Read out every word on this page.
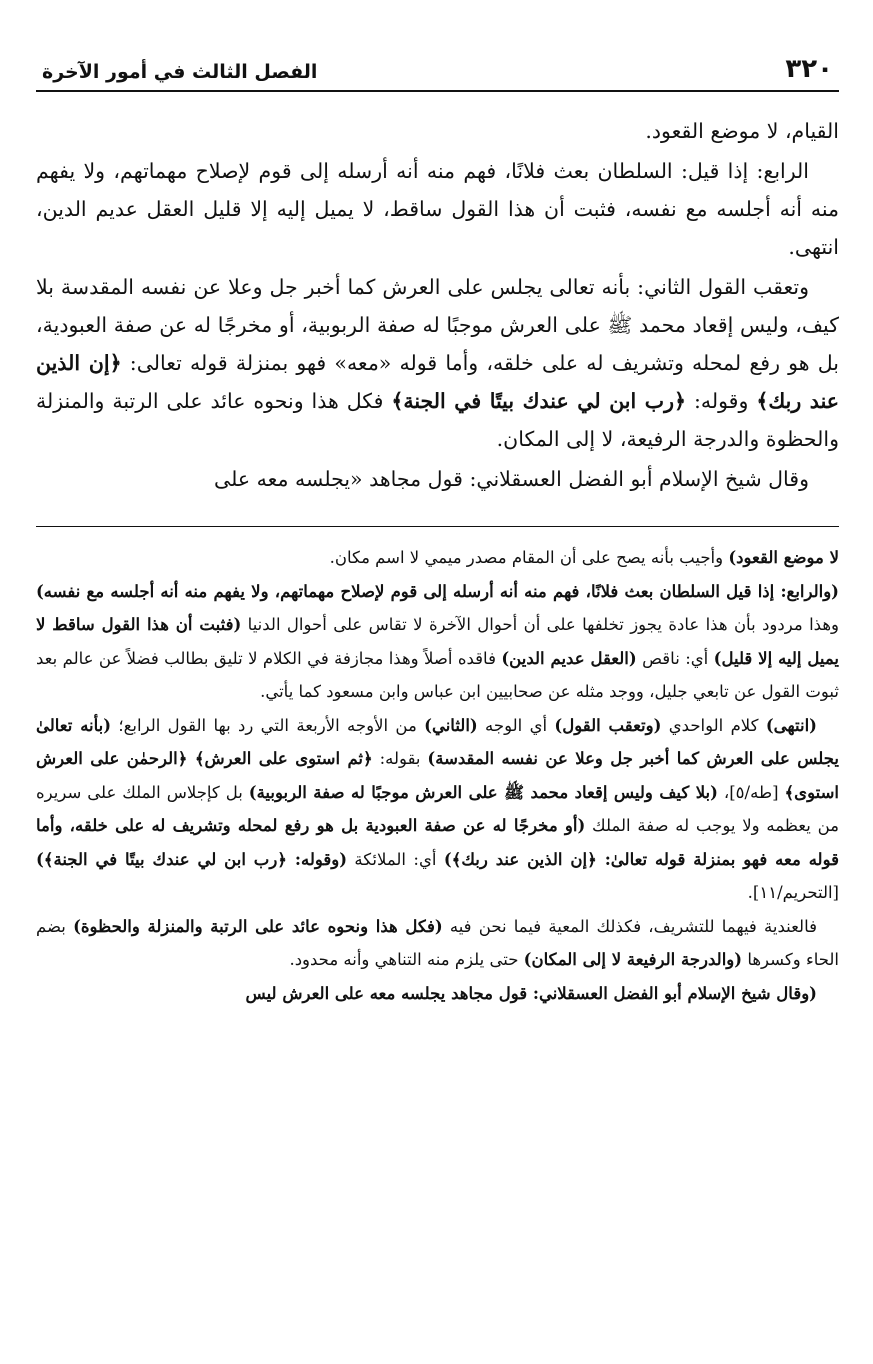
٣٢٠
الفصل الثالث في أمور الآخرة

القيام، لا موضع القعود.

الرابع: إذا قيل: السلطان بعث فلانًا، فهم منه أنه أرسله إلى قوم لإصلاح مهماتهم، ولا يفهم منه أنه أجلسه مع نفسه، فثبت أن هذا القول ساقط، لا يميل إليه إلا قليل العقل عديم الدين، انتهى.

وتعقب القول الثاني: بأنه تعالى يجلس على العرش كما أخبر جل وعلا عن نفسه المقدسة بلا كيف، وليس إقعاد محمد ﷺ على العرش موجبًا له صفة الربوبية، أو مخرجًا له عن صفة العبودية، بل هو رفع لمحله وتشريف له على خلقه، وأما قوله «معه» فهو بمنزلة قوله تعالى: ﴿إن الذين عند ربك﴾ وقوله: ﴿رب ابن لي عندك بيتًا في الجنة﴾ فكل هذا ونحوه عائد على الرتبة والمنزلة والحظوة والدرجة الرفيعة، لا إلى المكان.

وقال شيخ الإسلام أبو الفضل العسقلاني: قول مجاهد «يجلسه معه على

لا موضع القعود) وأجيب بأنه يصح على أن المقام مصدر ميمي لا اسم مكان.

(والرابع: إذا قيل السلطان بعث فلانًا، فهم منه أنه أرسله إلى قوم لإصلاح مهماتهم، ولا يفهم منه أنه أجلسه مع نفسه) وهذا مردود بأن هذا عادة يجوز تخلفها على أن أحوال الآخرة لا تقاس على أحوال الدنيا (فثبت أن هذا القول ساقط لا يميل إليه إلا قليل) أي: ناقص (العقل عديم الدين) فاقده أصلاً وهذا مجازفة في الكلام لا تليق بطالب فضلاً عن عالم بعد ثبوت القول عن تابعي جليل، ووجد مثله عن صحابيين ابن عباس وابن مسعود كما يأتي.

(انتهى) كلام الواحدي (وتعقب القول) أي الوجه (الثاني) من الأوجه الأربعة التي رد بها القول الرابع؛ (بأنه تعالىٰ يجلس على العرش كما أخبر جل وعلا عن نفسه المقدسة) بقوله: ﴿ثم استوى على العرش﴾ ﴿الرحمٰن على العرش استوى﴾ [طه/٥]، (بلا كيف وليس إقعاد محمد ﷺ على العرش موجبًا له صفة الربوبية) بل كإجلاس الملك على سريره من يعظمه ولا يوجب له صفة الملك (أو مخرجًا له عن صفة العبودية بل هو رفع لمحله وتشريف له على خلقه، وأما قوله معه فهو بمنزلة قوله تعالىٰ: ﴿إن الذين عند ربك﴾) أي: الملائكة (وقوله: ﴿رب ابن لي عندك بيتًا في الجنة﴾) [التحريم/١١].

فالعندية فيهما للتشريف، فكذلك المعية فيما نحن فيه (فكل هذا ونحوه عائد على الرتبة والمنزلة والحظوة) بضم الحاء وكسرها (والدرجة الرفيعة لا إلى المكان) حتى يلزم منه التناهي وأنه محدود.

(وقال شيخ الإسلام أبو الفضل العسقلاني: قول مجاهد يجلسه معه على العرش ليس
